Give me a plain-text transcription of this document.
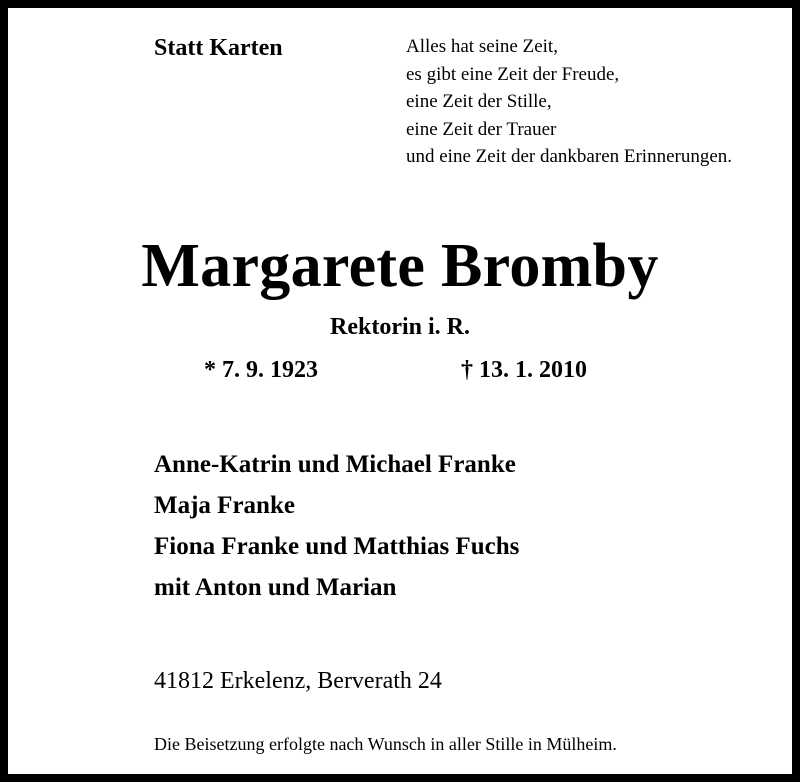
Statt Karten	Alles hat seine Zeit,
es gibt eine Zeit der Freude,
eine Zeit der Stille,
eine Zeit der Trauer
und eine Zeit der dankbaren Erinnerungen.
Margarete Bromby
Rektorin i. R.
* 7. 9. 1923	† 13. 1. 2010
Anne-Katrin und Michael Franke
Maja Franke
Fiona Franke und Matthias Fuchs
mit Anton und Marian
41812 Erkelenz, Berverath 24
Die Beisetzung erfolgte nach Wunsch in aller Stille in Mülheim.
